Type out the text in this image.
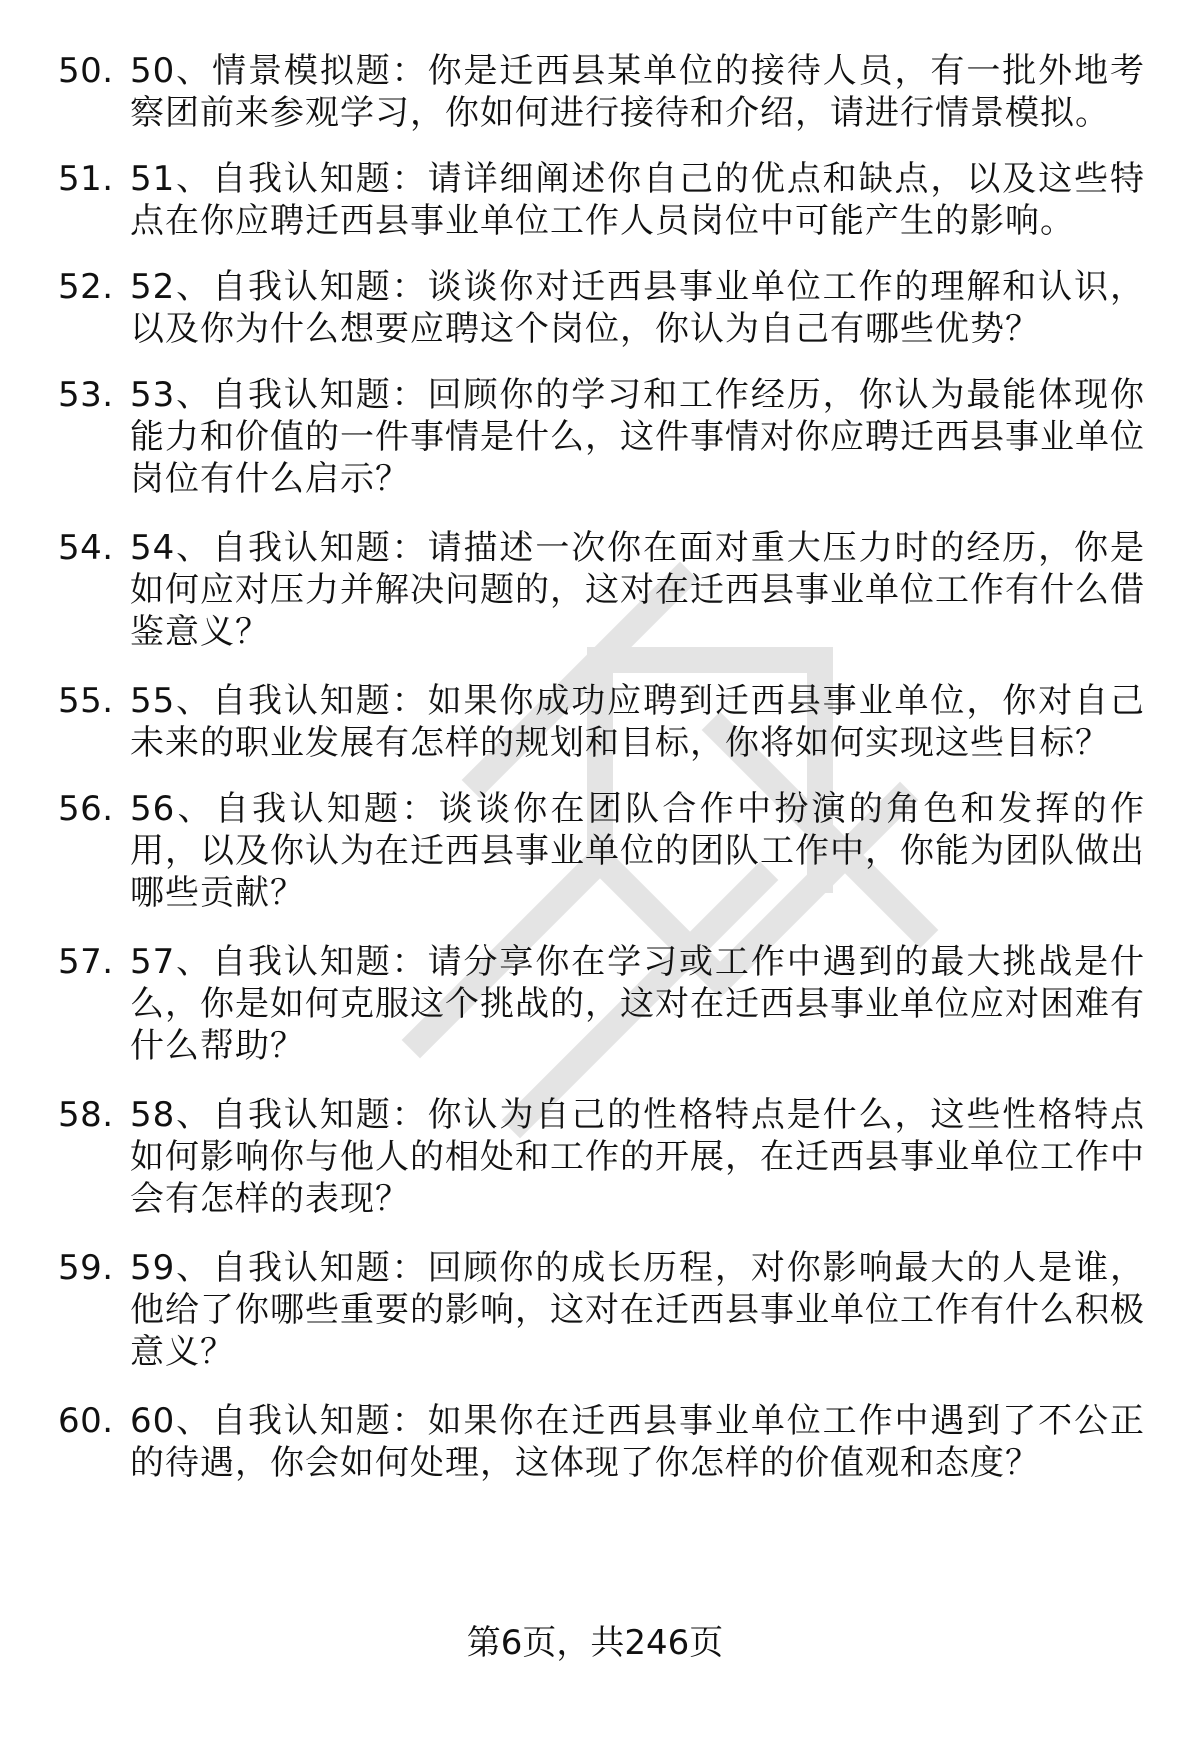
50. 50、情景模拟题：你是迁西县某单位的接待人员，有一批外地考察团前来参观学习，你如何进行接待和介绍，请进行情景模拟。
51. 51、自我认知题：请详细阐述你自己的优点和缺点，以及这些特点在你应聘迁西县事业单位工作人员岗位中可能产生的影响。
52. 52、自我认知题：谈谈你对迁西县事业单位工作的理解和认识，以及你为什么想要应聘这个岗位，你认为自己有哪些优势？
53. 53、自我认知题：回顾你的学习和工作经历，你认为最能体现你能力和价值的一件事情是什么，这件事情对你应聘迁西县事业单位岗位有什么启示？
54. 54、自我认知题：请描述一次你在面对重大压力时的经历，你是如何应对压力并解决问题的，这对在迁西县事业单位工作有什么借鉴意义？
55. 55、自我认知题：如果你成功应聘到迁西县事业单位，你对自己未来的职业发展有怎样的规划和目标，你将如何实现这些目标？
56. 56、自我认知题：谈谈你在团队合作中扮演的角色和发挥的作用，以及你认为在迁西县事业单位的团队工作中，你能为团队做出哪些贡献？
57. 57、自我认知题：请分享你在学习或工作中遇到的最大挑战是什么，你是如何克服这个挑战的，这对在迁西县事业单位应对困难有什么帮助？
58. 58、自我认知题：你认为自己的性格特点是什么，这些性格特点如何影响你与他人的相处和工作的开展，在迁西县事业单位工作中会有怎样的表现？
59. 59、自我认知题：回顾你的成长历程，对你影响最大的人是谁，他给了你哪些重要的影响，这对在迁西县事业单位工作有什么积极意义？
60. 60、自我认知题：如果你在迁西县事业单位工作中遇到了不公正的待遇，你会如何处理，这体现了你怎样的价值观和态度？
第6页，共246页
